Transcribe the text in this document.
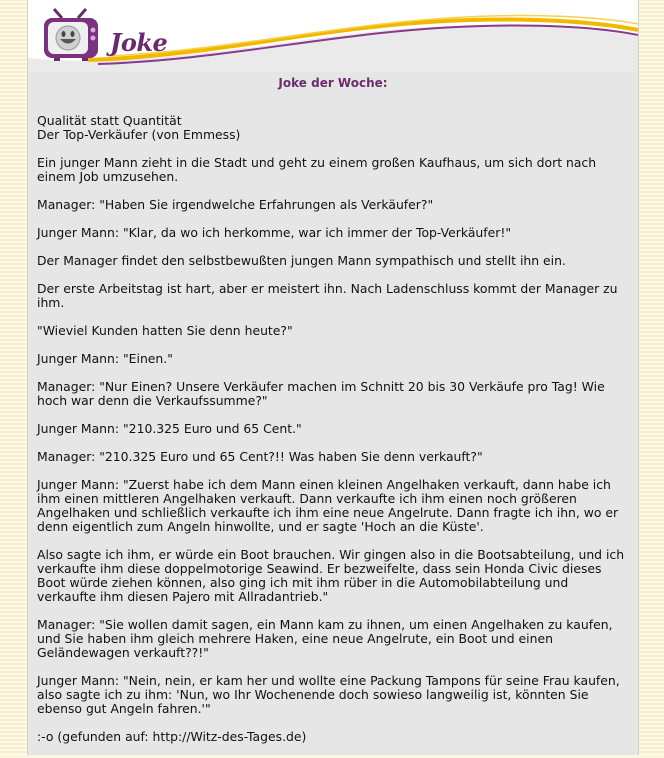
Joke
Joke der Woche:

Qualität statt Quantität

Der Top-Verkäufer (von Emmess)

Ein junger Mann zieht in die Stadt und geht zu einem großen Kaufhaus, um sich dort nach einem Job umzusehen.

Manager: "Haben Sie irgendwelche Erfahrungen als Verkäufer?"

Junger Mann: "Klar, da wo ich herkomme, war ich immer der Top-Verkäufer!"

Der Manager findet den selbstbewußten jungen Mann sympathisch und stellt ihn ein.

Der erste Arbeitstag ist hart, aber er meistert ihn. Nach Ladenschluss kommt der Manager zu ihm.

"Wieviel Kunden hatten Sie denn heute?"

Junger Mann: "Einen."

Manager: "Nur Einen? Unsere Verkäufer machen im Schnitt 20 bis 30 Verkäufe pro Tag! Wie hoch war denn die Verkaufssumme?"

Junger Mann: "210.325 Euro und 65 Cent."

Manager: "210.325 Euro und 65 Cent?!! Was haben Sie denn verkauft?"

Junger Mann: "Zuerst habe ich dem Mann einen kleinen Angelhaken verkauft, dann habe ich ihm einen mittleren Angelhaken verkauft. Dann verkaufte ich ihm einen noch größeren Angelhaken und schließlich verkaufte ich ihm eine neue Angelrute. Dann fragte ich ihn, wo er denn eigentlich zum Angeln hinwollte, und er sagte 'Hoch an die Küste'.

Also sagte ich ihm, er würde ein Boot brauchen. Wir gingen also in die Bootsabteilung, und ich verkaufte ihm diese doppelmotorige Seawind. Er bezweifelte, dass sein Honda Civic dieses Boot würde ziehen können, also ging ich mit ihm rüber in die Automobilabteilung und verkaufte ihm diesen Pajero mit Allradantrieb."

Manager: "Sie wollen damit sagen, ein Mann kam zu ihnen, um einen Angelhaken zu kaufen, und Sie haben ihm gleich mehrere Haken, eine neue Angelrute, ein Boot und einen Geländewagen verkauft??!"

Junger Mann: "Nein, nein, er kam her und wollte eine Packung Tampons für seine Frau kaufen, also sagte ich zu ihm: 'Nun, wo Ihr Wochenende doch sowieso langweilig ist, könnten Sie ebenso gut Angeln fahren.'"

:-o (gefunden auf: http://Witz-des-Tages.de)
